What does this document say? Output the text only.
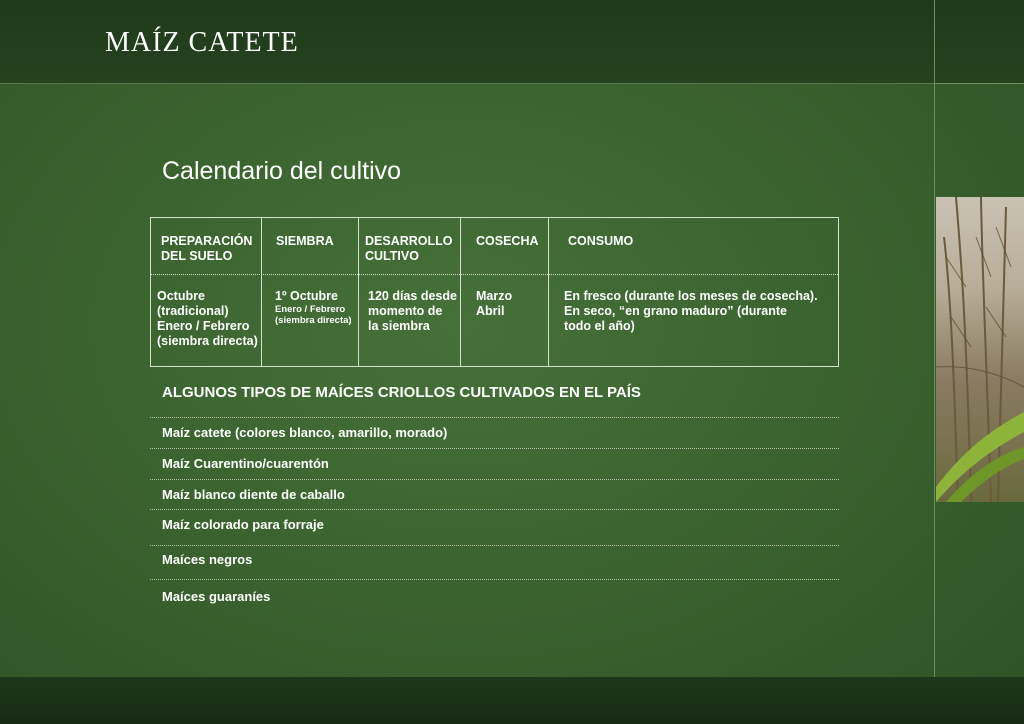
MAÍZ CATETE
Calendario del cultivo
PREPARACIÓN
DEL SUELO
SIEMBRA	DESARROLLO
CULTIVO
COSECHA CONSUMO
Octubre
(tradicional)
Enero / Febrero
(siembra directa)
1º Octubre
Enero / Febrero
(siembra directa)
120 días desde
momento de
la siembra
Marzo
Abril
En fresco (durante los meses de cosecha).
En seco, “en grano maduro” (durante
todo el año)
ALGUNOS TIPOS DE MAÍCES CRIOLLOS CULTIVADOS EN EL PAÍS
Maíz catete (colores blanco, amarillo, morado)
Maíz Cuarentino/cuarentón
Maíz blanco diente de caballo
Maíz colorado para forraje
Maíces negros
Maíces guaraníes
